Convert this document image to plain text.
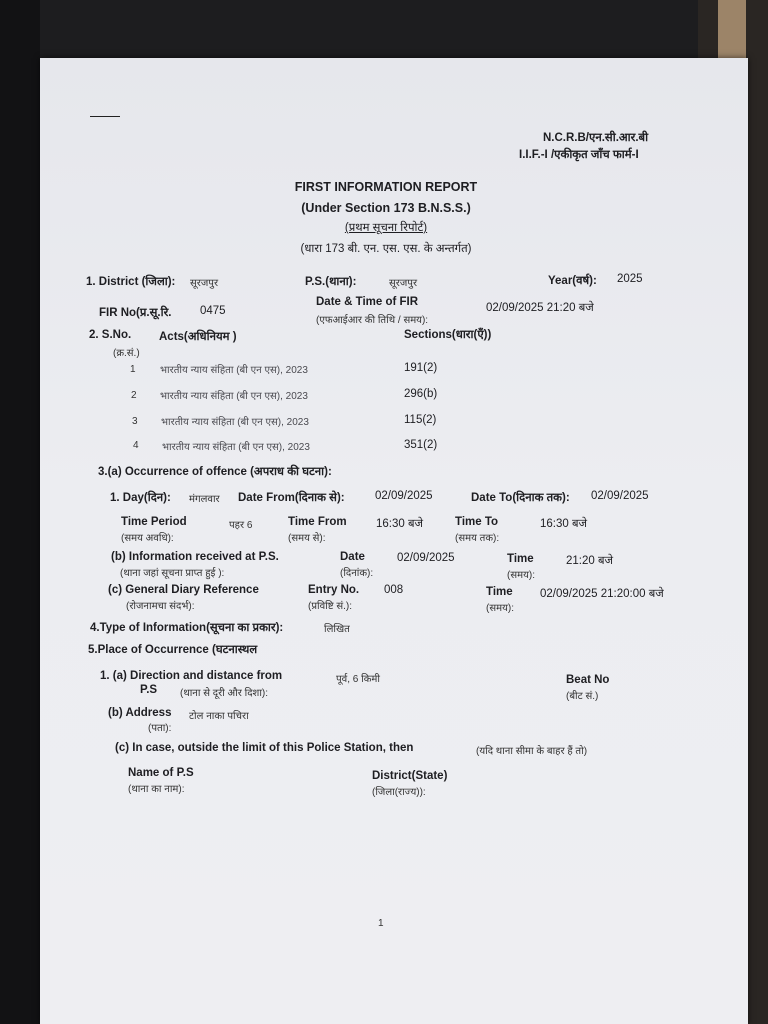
N.C.R.B/एन.सी.आर.बी
I.I.F.-I /एकीकृत जाँच फार्म-I
FIRST INFORMATION REPORT
(Under Section 173 B.N.S.S.)
(प्रथम सूचना रिपोर्ट)
(धारा 173 बी. एन. एस. एस. के अन्तर्गत)
1. District (जिला): सूरजपुर	P.S.(थाना):	सूरजपुर	Year(वर्ष): 2025
FIR No(प्र.सू.रि. 0475
Date & Time of FIR
(एफआईआर की तिथि / समय):
02/09/2025 21:20 बजे
2. S.No.
(क्र.सं.)
Acts(अधिनियम )	Sections(धारा(एँ))
1 भारतीय न्याय संहिता (बी एन एस), 2023	191(2)
2 भारतीय न्याय संहिता (बी एन एस), 2023	296(b)
3 भारतीय न्याय संहिता (बी एन एस), 2023	115(2)
4 भारतीय न्याय संहिता (बी एन एस), 2023	351(2)
3.(a) Occurrence of offence (अपराध की घटना):
1. Day(दिन): मंगलवार Date From(दिनाक से):	02/09/2025	Date To(दिनाक तक): 02/09/2025
Time Period
(समय अवधि):
पहर 6	Time From
(समय से):
16:30 बजे	Time To
(समय तक):
16:30 बजे
(b) Information received at P.S.
(थाना जहां सूचना प्राप्त हुई ):
Date
(दिनांक):
02/09/2025	Time
(समय):
21:20 बजे
(c) General Diary Reference
(रोजनामचा संदर्भ):
Entry No.
(प्रविष्टि सं.):
008	Time
(समय):
02/09/2025 21:20:00 बजे
4.Type of Information(सूचना का प्रकार):	लिखित
5.Place of Occurrence (घटनास्थल
1. (a) Direction and distance from	पूर्व, 6 किमी
P.S (थाना से दूरी और दिशा):
Beat No
(बीट सं.)
(b) Address टोल नाका पचिरा
(पता):
(c) In case, outside the limit of this Police Station, then	(यदि थाना सीमा के बाहर हैं तो)
Name of P.S
(थाना का नाम):
District(State)
(जिला(राज्य)):
1
